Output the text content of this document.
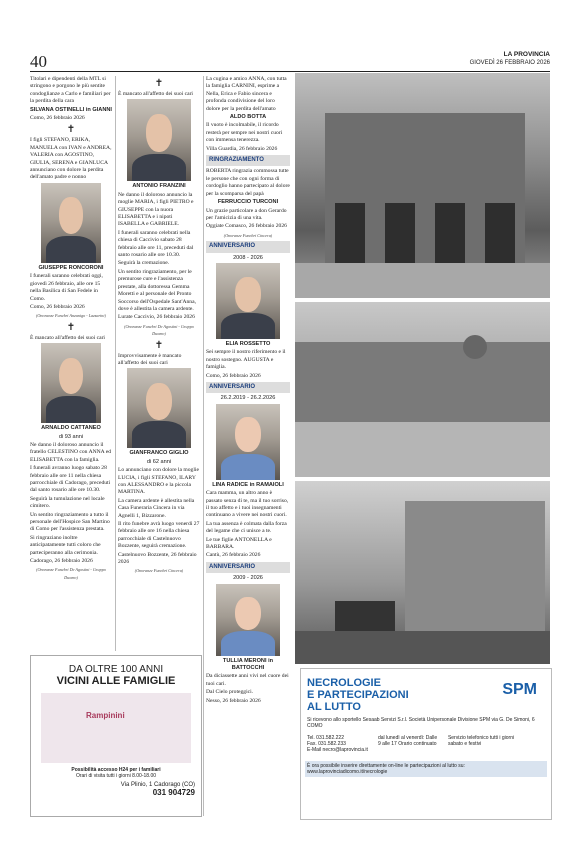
40	LA PROVINCIA
GIOVEDÌ 26 FEBBRAIO 2026

Titolari e dipendenti della MTL si stringono e porgono le più sentite condoglianze a Carlo e familiari per la perdita della cara

SILVANA OSTINELLI in GIANNI

Como, 26 febbraio 2026

✝

I figli STEFANO, ERIKA, MANUELA con IVAN e ANDREA, VALERIA con AGOSTINO, GIULIA, SERENA e GIANLUCA annunciano con dolore la perdita dell'amato padre e nonno

GIUSEPPE RONCORONI

I funerali saranno celebrati oggi, giovedì 26 febbraio, alle ore 15 nella Basilica di San Fedele in Como.

Como, 26 febbraio 2026

(Onoranze Funebri Anzanigo - Lazzarini)
✝

È mancato all'affetto dei suoi cari

ARNALDO CATTANEO
di 93 anni

Ne danno il doloroso annuncio il fratello CELESTINO con ANNA ed ELISABETTA con la famiglia.

I funerali avranno luogo sabato 28 febbraio alle ore 11 nella chiesa parrocchiale di Cadorago, preceduti dal santo rosario alle ore 10.30.

Seguirà la tumulazione nel locale cimitero.

Un sentito ringraziamento a tutto il personale dell'Hospice San Martino di Como per l'assistenza prestata.

Si ringraziano inoltre anticipatamente tutti coloro che parteciperanno alla cerimonia.

Cadorago, 26 febbraio 2026

(Onoranze Funebri De Agostini - Gruppo Duomo)
✝

È mancato all'affetto dei suoi cari

ANTONIO FRANZINI

Ne danno il doloroso annuncio la moglie MARIA, i figli PIETRO e GIUSEPPE con la nuora ELISABETTA e i nipoti ISABELLA e GABRIELE.

I funerali saranno celebrati nella chiesa di Caccivio sabato 28 febbraio alle ore 11, preceduti dal santo rosario alle ore 10.30.

Seguirà la cremazione.

Un sentito ringraziamento, per le premurose cure e l'assistenza prestate, alla dottoressa Gemma Moretti e al personale del Pronto Soccorso dell'Ospedale Sant'Anna, dove è allestita la camera ardente.

Lurate Caccivio, 26 febbraio 2026

(Onoranze Funebri De Agostini - Gruppo Duomo)
✝

Improvvisamente è mancato all'affetto dei suoi cari

GIANFRANCO GIGLIO
di 62 anni

Lo annunciano con dolore la moglie LUCIA, i figli STEFANO, ILARY con ALESSANDRO e la piccola MARTINA.

La camera ardente è allestita nella Casa Funeraria Cincera in via Agnelli 1, Bizzarone.

Il rito funebre avrà luogo venerdì 27 febbraio alle ore 16 nella chiesa parrocchiale di Castelnuovo Bozzente, seguirà cremazione.

Castelnuovo Bozzente, 26 febbraio 2026

(Onoranze Funebri Cincera)

La cugina e amico ANNA, con tutta la famiglia CARNINI, esprime a Nella, Erica e Fabio sincera e profonda condivisione del loro dolore per la perdita dell'amato

ALDO BOTTA

Il vuoto è incolmabile, il ricordo resterà per sempre nei nostri cuori con immensa tenerezza.

Villa Guardia, 26 febbraio 2026

RINGRAZIAMENTO

ROBERTA ringrazia commossa tutte le persone che con ogni forma di cordoglio hanno partecipato al dolore per la scomparsa del papà

FERRUCCIO TURCONI

Un grazie particolare a don Gerardo per l'amicizia di una vita.

Oggiate Comasco, 26 febbraio 2026

(Onoranze Funebri Cincera)
ANNIVERSARIO
2008 - 2026
ELIA ROSSETTO

Sei sempre il nostro riferimento e il nostro sostegno. AUGUSTA e famiglia.

Como, 26 febbraio 2026

ANNIVERSARIO
26.2.2019 - 26.2.2026
LINA RADICE in RAMAIOLI

Cara mamma, un altro anno è passato senza di te, ma il tuo sorriso, il tuo affetto e i tuoi insegnamenti continuano a vivere nei nostri cuori.

La tua assenza è colmata dalla forza del legame che ci unisce a te.

Le tue figlie ANTONELLA e BARBARA.

Cantù, 26 febbraio 2026

ANNIVERSARIO
2009 - 2026
TULLIA MERONI in BATTOCCHI

Da diciassette anni vivi nel cuore dei tuoi cari.

Dal Cielo proteggici.

Nesso, 26 febbraio 2026

DA OLTRE 100 ANNI
VICINI ALLE FAMIGLIE
Rampinini
Possibilità accesso H24 per i familiari
Orari di visita tutti i giorni 8.00-18.00
Via Plinio, 1 Cadorago (CO)
031 904729
NECROLOGIE
E PARTECIPAZIONI
AL LUTTO
SPM
Si ricevono allo sportello Sesaab Servizi S.r.l. Società Unipersonale Divisione SPM via G. De Simoni, 6 COMO
Tel. 031.582.222
Fax. 031.582.233
E-Mail necro@laprovincia.it
dal lunedì al venerdì: Dalle 9 alle 17 Orario continuato
Servizio telefonico tutti i giorni sabato e festivi
È ora possibile inserire direttamente on-line le partecipazioni al lutto su: www.laprovinciadicomo.it/necrologie
